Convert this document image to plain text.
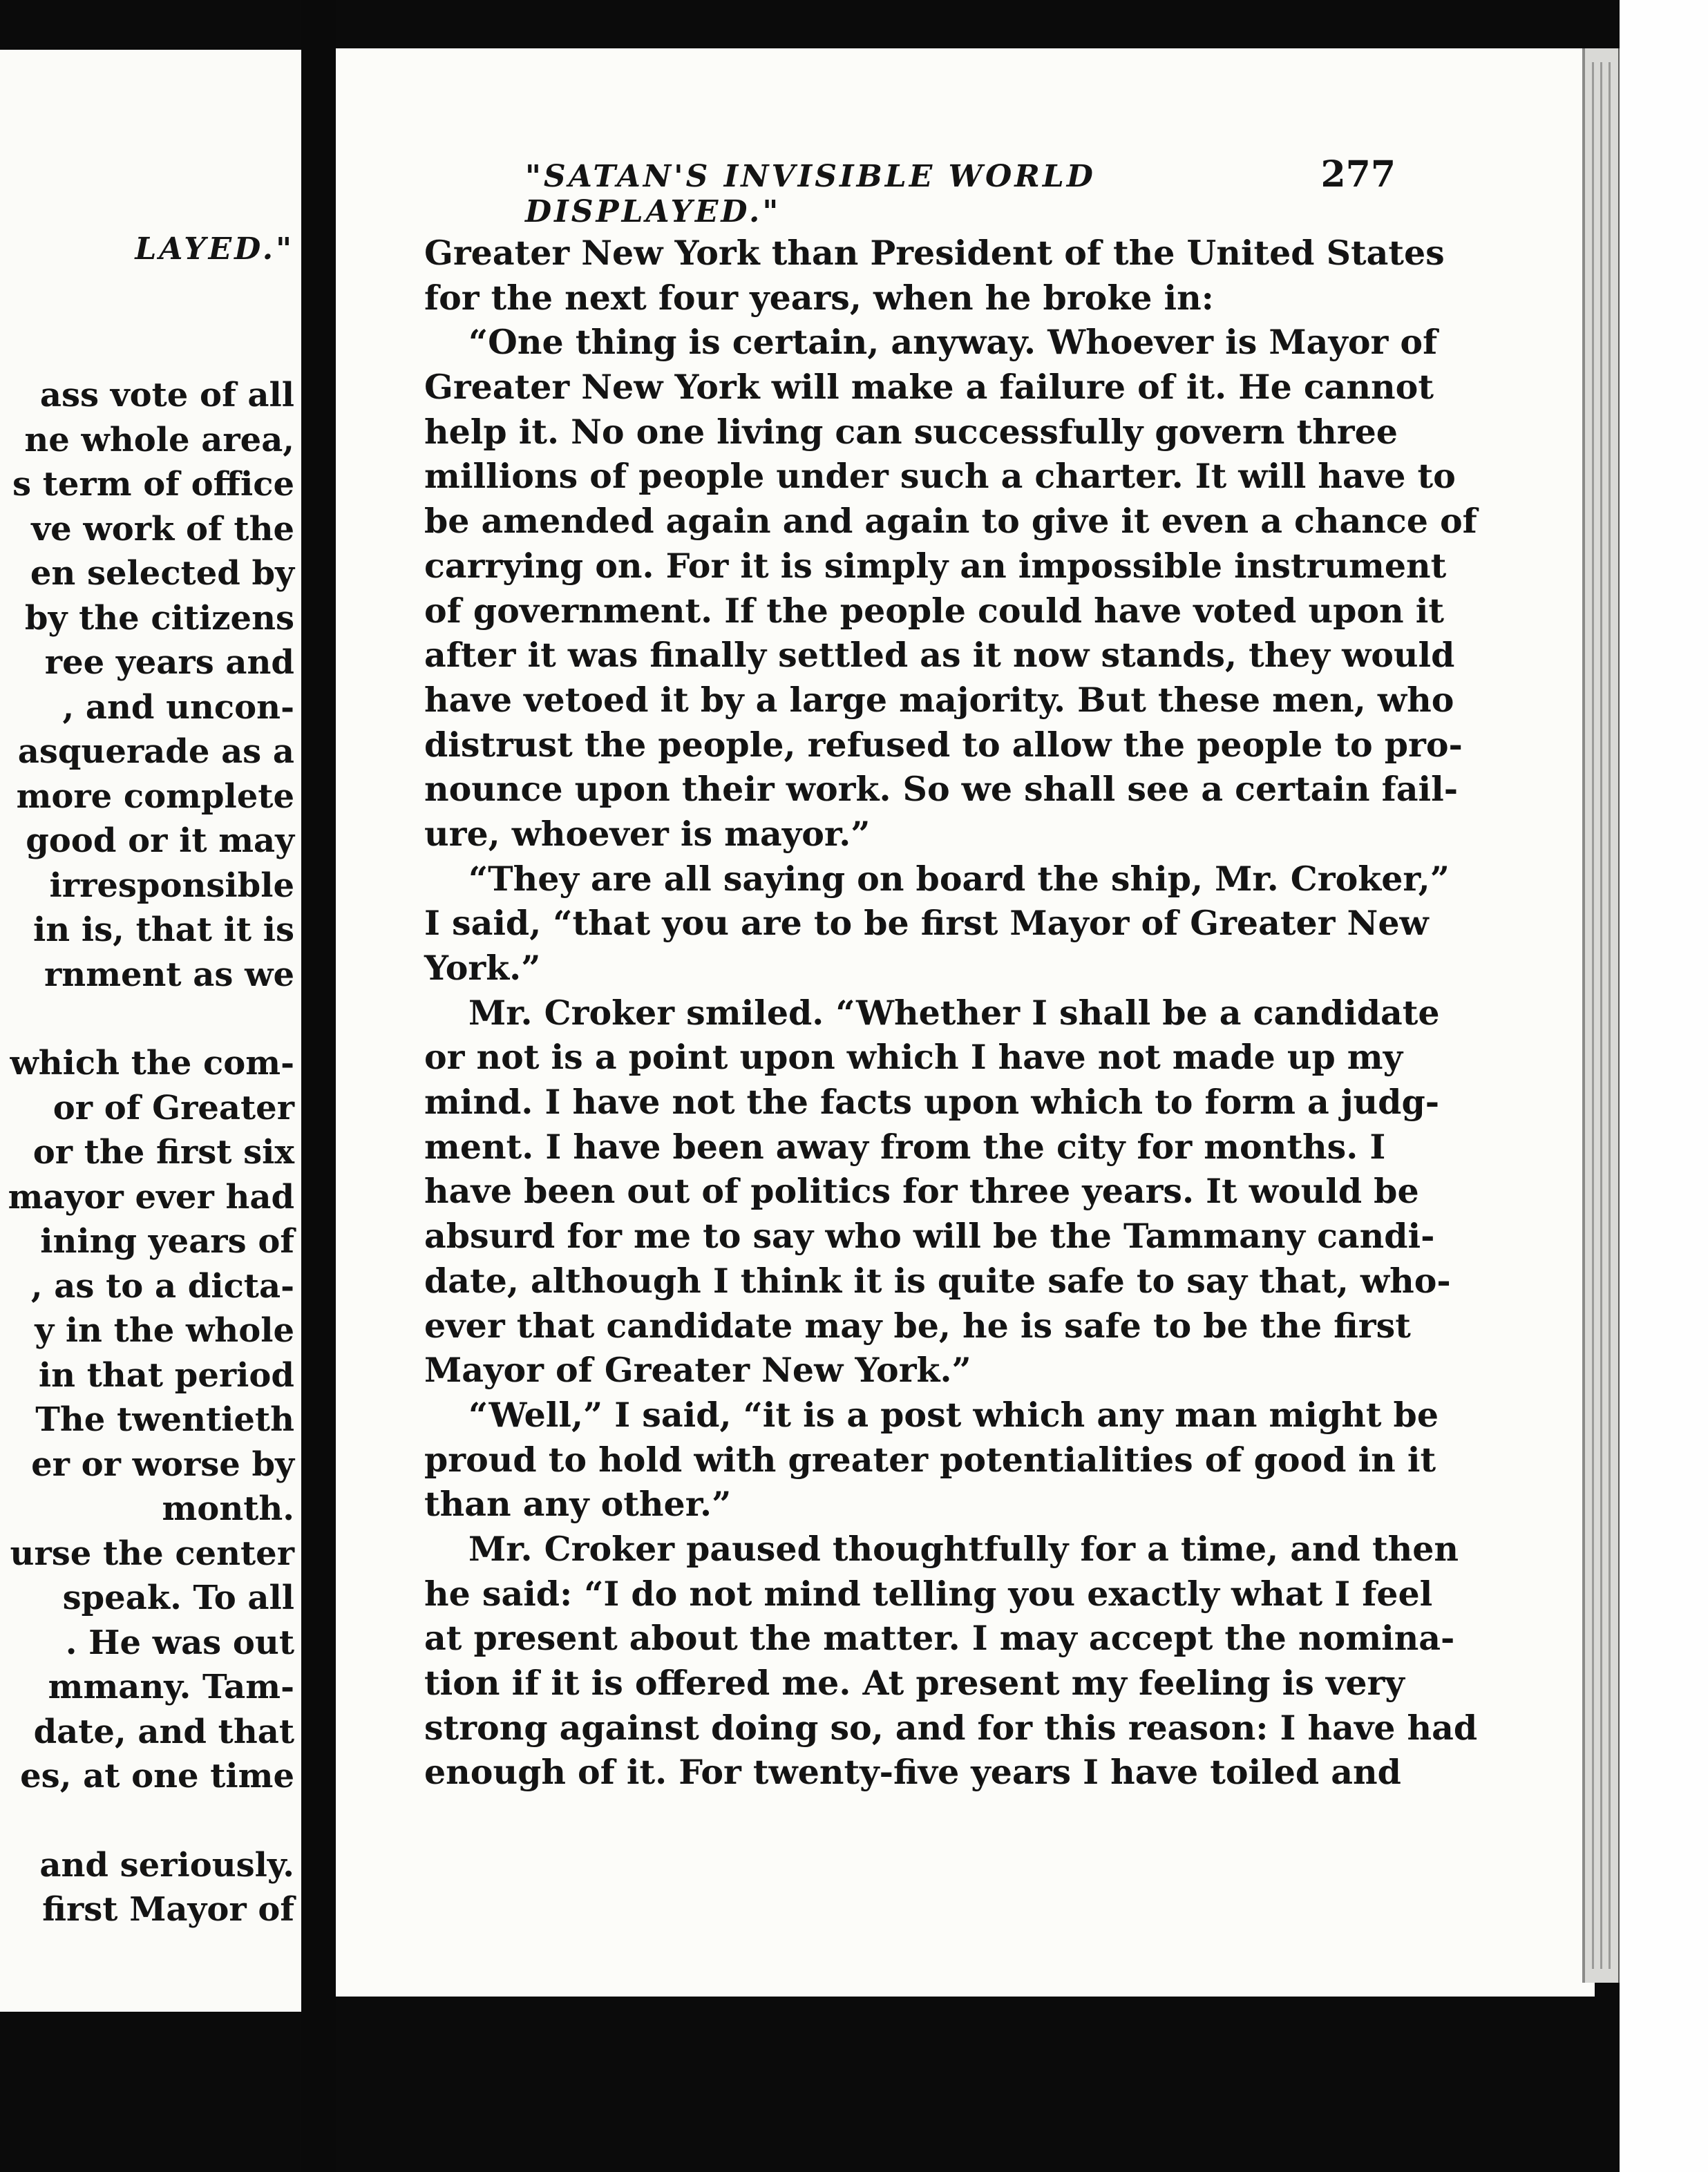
LAYED."

ass vote of all
ne whole area,
s term of office
ve work of the
en selected by
by the citizens
ree years and
, and uncon-
asquerade as a
more complete
good or it may
irresponsible
in is, that it is
rnment as we
which the com-
or of Greater
or the first six
mayor ever had
ining years of
, as to a dicta-
y in the whole
in that period
The twentieth
er or worse by
month.
urse the center
speak. To all
. He was out
mmany. Tam-
date, and that
es, at one time
and seriously.
first Mayor of
"SATAN'S INVISIBLE WORLD DISPLAYED."
277
Greater New York than President of the United States
for the next four years, when he broke in:
“One thing is certain, anyway. Whoever is Mayor of
Greater New York will make a failure of it. He cannot
help it. No one living can successfully govern three
millions of people under such a charter. It will have to
be amended again and again to give it even a chance of
carrying on. For it is simply an impossible instrument
of government. If the people could have voted upon it
after it was finally settled as it now stands, they would
have vetoed it by a large majority. But these men, who
distrust the people, refused to allow the people to pro-
nounce upon their work. So we shall see a certain fail-
ure, whoever is mayor.”
“They are all saying on board the ship, Mr. Croker,”
I said, “that you are to be first Mayor of Greater New
York.”
Mr. Croker smiled. “Whether I shall be a candidate
or not is a point upon which I have not made up my
mind. I have not the facts upon which to form a judg-
ment. I have been away from the city for months. I
have been out of politics for three years. It would be
absurd for me to say who will be the Tammany candi-
date, although I think it is quite safe to say that, who-
ever that candidate may be, he is safe to be the first
Mayor of Greater New York.”
“Well,” I said, “it is a post which any man might be
proud to hold with greater potentialities of good in it
than any other.”
Mr. Croker paused thoughtfully for a time, and then
he said: “I do not mind telling you exactly what I feel
at present about the matter. I may accept the nomina-
tion if it is offered me. At present my feeling is very
strong against doing so, and for this reason: I have had
enough of it. For twenty-five years I have toiled and
